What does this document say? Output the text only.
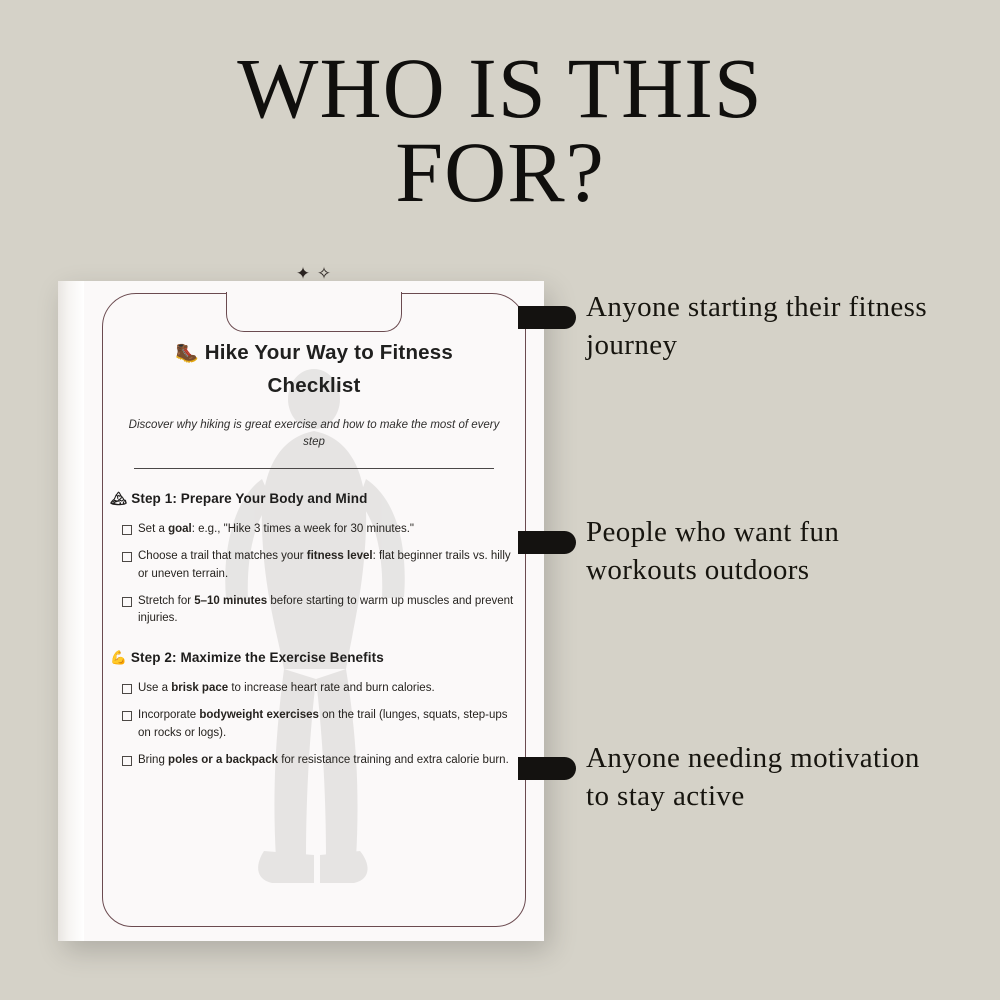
WHO IS THIS
FOR?
✦ ✧
🥾 Hike Your Way to Fitness
Checklist
Discover why hiking is great exercise and how to make the most of every step
🏔 Step 1: Prepare Your Body and Mind
Set a goal: e.g., "Hike 3 times a week for 30 minutes."
Choose a trail that matches your fitness level: flat beginner trails vs. hilly or uneven terrain.
Stretch for 5–10 minutes before starting to warm up muscles and prevent injuries.
💪 Step 2: Maximize the Exercise Benefits
Use a brisk pace to increase heart rate and burn calories.
Incorporate bodyweight exercises on the trail (lunges, squats, step-ups on rocks or logs).
Bring poles or a backpack for resistance training and extra calorie burn.
Anyone starting their fitness journey
People who want fun workouts outdoors
Anyone needing motivation to stay active
